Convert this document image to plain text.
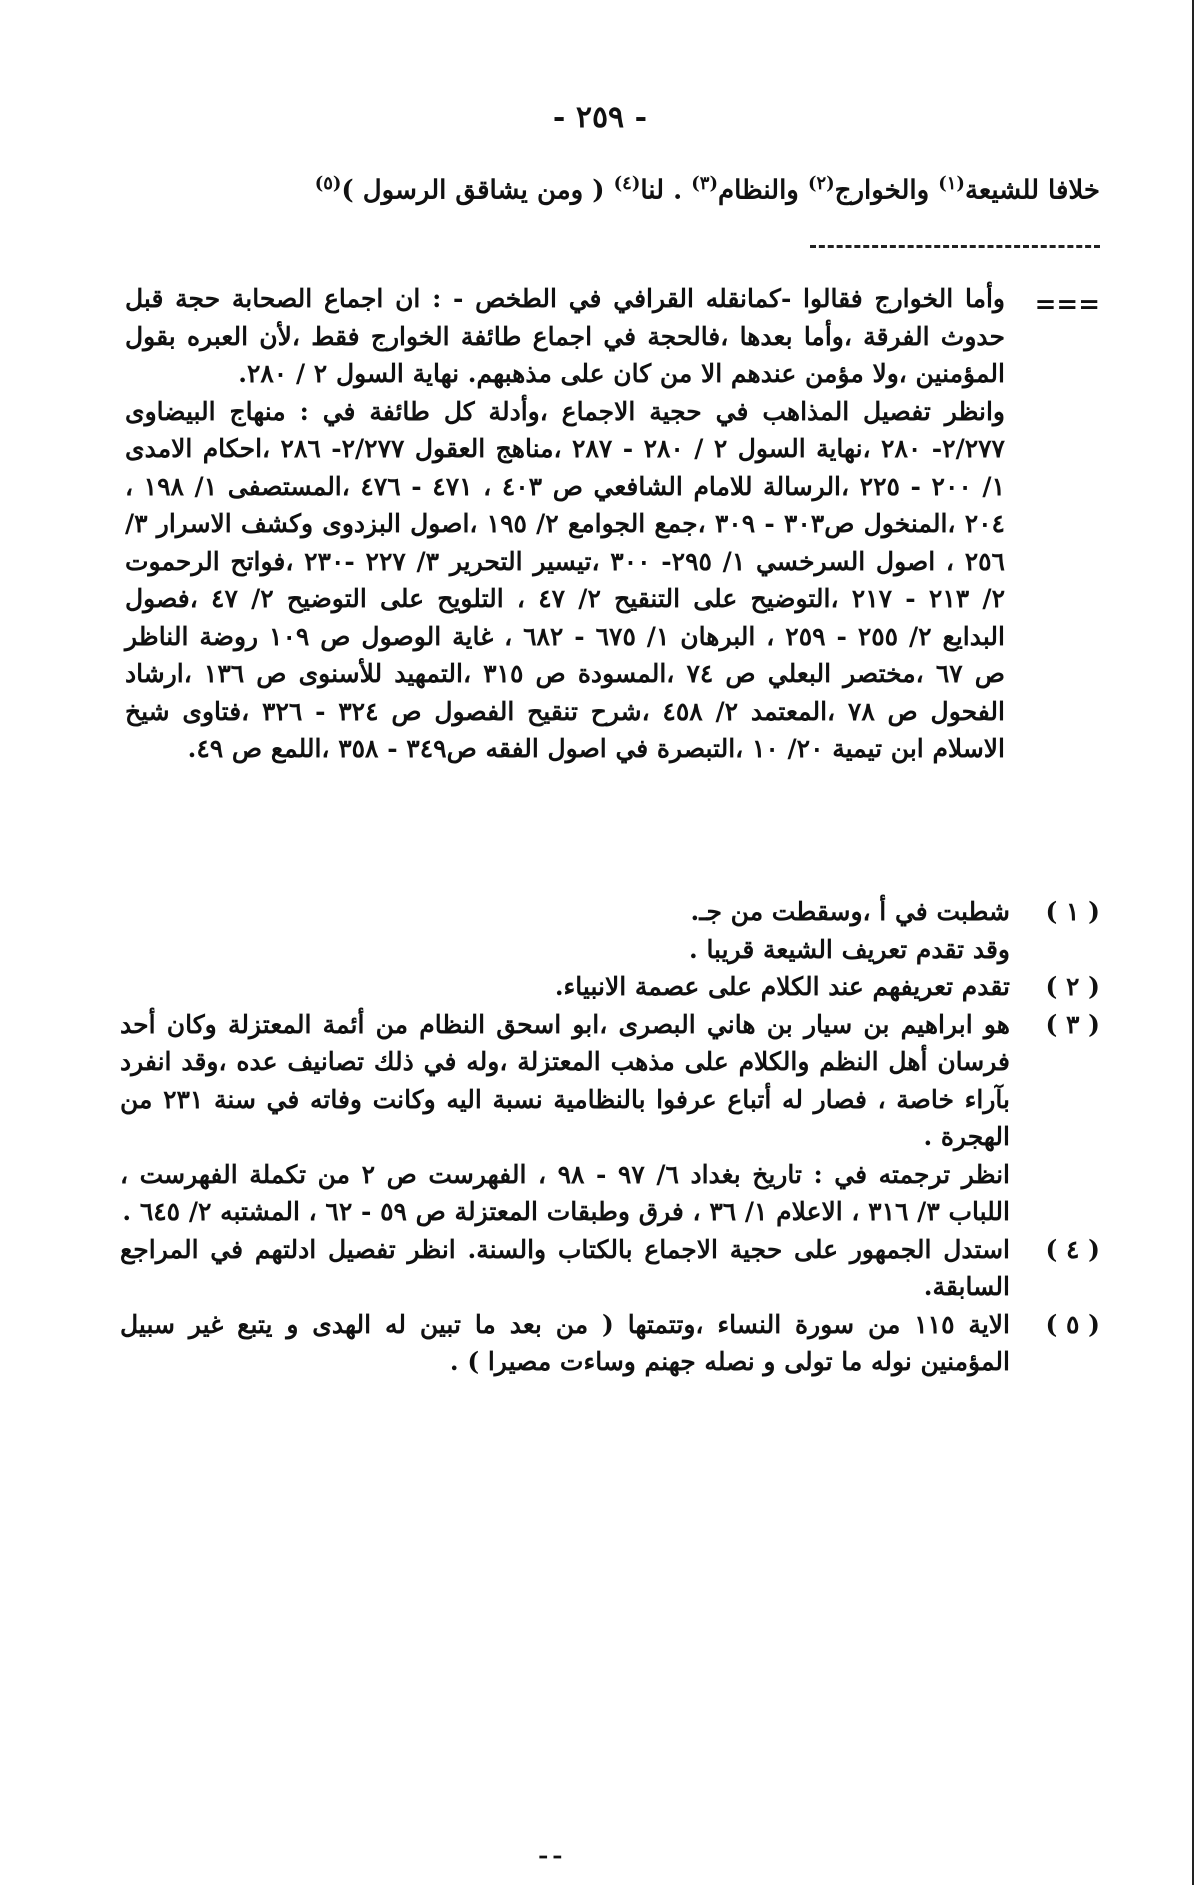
- ٢٥٩ -
خلافا للشيعة$^{(١)}$ والخوارج$^{(٢)}$ والنظام$^{(٣)}$ . لنا$^{(٤)}$ ( ومن يشاقق الرسول )$^{(٥)}$
===

وأما الخوارج فقالوا -كمانقله القرافي في الطخص - : ان اجماع الصحابة حجة قبل حدوث الفرقة ،وأما بعدها ،فالحجة في اجماع طائفة الخوارج فقط ،لأن العبره بقول المؤمنين ،ولا مؤمن عندهم الا من كان على مذهبهم. نهاية السول ٢ / ٢٨٠.

وانظر تفصيل المذاهب في حجية الاجماع ،وأدلة كل طائفة في : منهاج البيضاوى ٢/٢٧٧- ٢٨٠ ،نهاية السول ٢ / ٢٨٠ - ٢٨٧ ،مناهج العقول ٢/٢٧٧- ٢٨٦ ،احكام الامدى ١/ ٢٠٠ - ٢٢٥ ،الرسالة للامام الشافعي ص ٤٠٣ ، ٤٧١ - ٤٧٦ ،المستصفى ١/ ١٩٨ ، ٢٠٤ ،المنخول ص٣٠٣ - ٣٠٩ ،جمع الجوامع ٢/ ١٩٥ ،اصول البزدوى وكشف الاسرار ٣/ ٢٥٦ ، اصول السرخسي ١/ ٢٩٥- ٣٠٠ ،تيسير التحرير ٣/ ٢٢٧ -٢٣٠ ،فواتح الرحموت ٢/ ٢١٣ - ٢١٧ ،التوضيح على التنقيح ٢/ ٤٧ ، التلويح على التوضيح ٢/ ٤٧ ،فصول البدايع ٢/ ٢٥٥ - ٢٥٩ ، البرهان ١/ ٦٧٥ - ٦٨٢ ، غاية الوصول ص ١٠٩ روضة الناظر ص ٦٧ ،مختصر البعلي ص ٧٤ ،المسودة ص ٣١٥ ،التمهيد للأسنوى ص ١٣٦ ،ارشاد الفحول ص ٧٨ ،المعتمد ٢/ ٤٥٨ ،شرح تنقيح الفصول ص ٣٢٤ - ٣٢٦ ،فتاوى شيخ الاسلام ابن تيمية ٢٠/ ١٠ ،التبصرة في اصول الفقه ص٣٤٩ - ٣٥٨ ،اللمع ص ٤٩.

( ١ )

شطبت في أ ،وسقطت من جـ.

وقد تقدم تعريف الشيعة قريبا .

( ٢ )

تقدم تعريفهم عند الكلام على عصمة الانبياء.

( ٣ )

هو ابراهيم بن سيار بن هاني البصرى ،ابو اسحق النظام من أئمة المعتزلة وكان أحد فرسان أهل النظم والكلام على مذهب المعتزلة ،وله في ذلك تصانيف عده ،وقد انفرد بآراء خاصة ، فصار له أتباع عرفوا بالنظامية نسبة اليه وكانت وفاته في سنة ٢٣١ من الهجرة .

انظر ترجمته في : تاريخ بغداد ٦/ ٩٧ - ٩٨ ، الفهرست ص ٢ من تكملة الفهرست ، اللباب ٣/ ٣١٦ ، الاعلام ١/ ٣٦ ، فرق وطبقات المعتزلة ص ٥٩ - ٦٢ ، المشتبه ٢/ ٦٤٥ .

( ٤ )

استدل الجمهور على حجية الاجماع بالكتاب والسنة. انظر تفصيل ادلتهم في المراجع السابقة.

( ٥ )

الاية ١١٥ من سورة النساء ،وتتمتها ( من بعد ما تبين له الهدى و يتبع غير سبيل المؤمنين نوله ما تولى و نصله جهنم وساءت مصيرا ) .

ـ ـ
